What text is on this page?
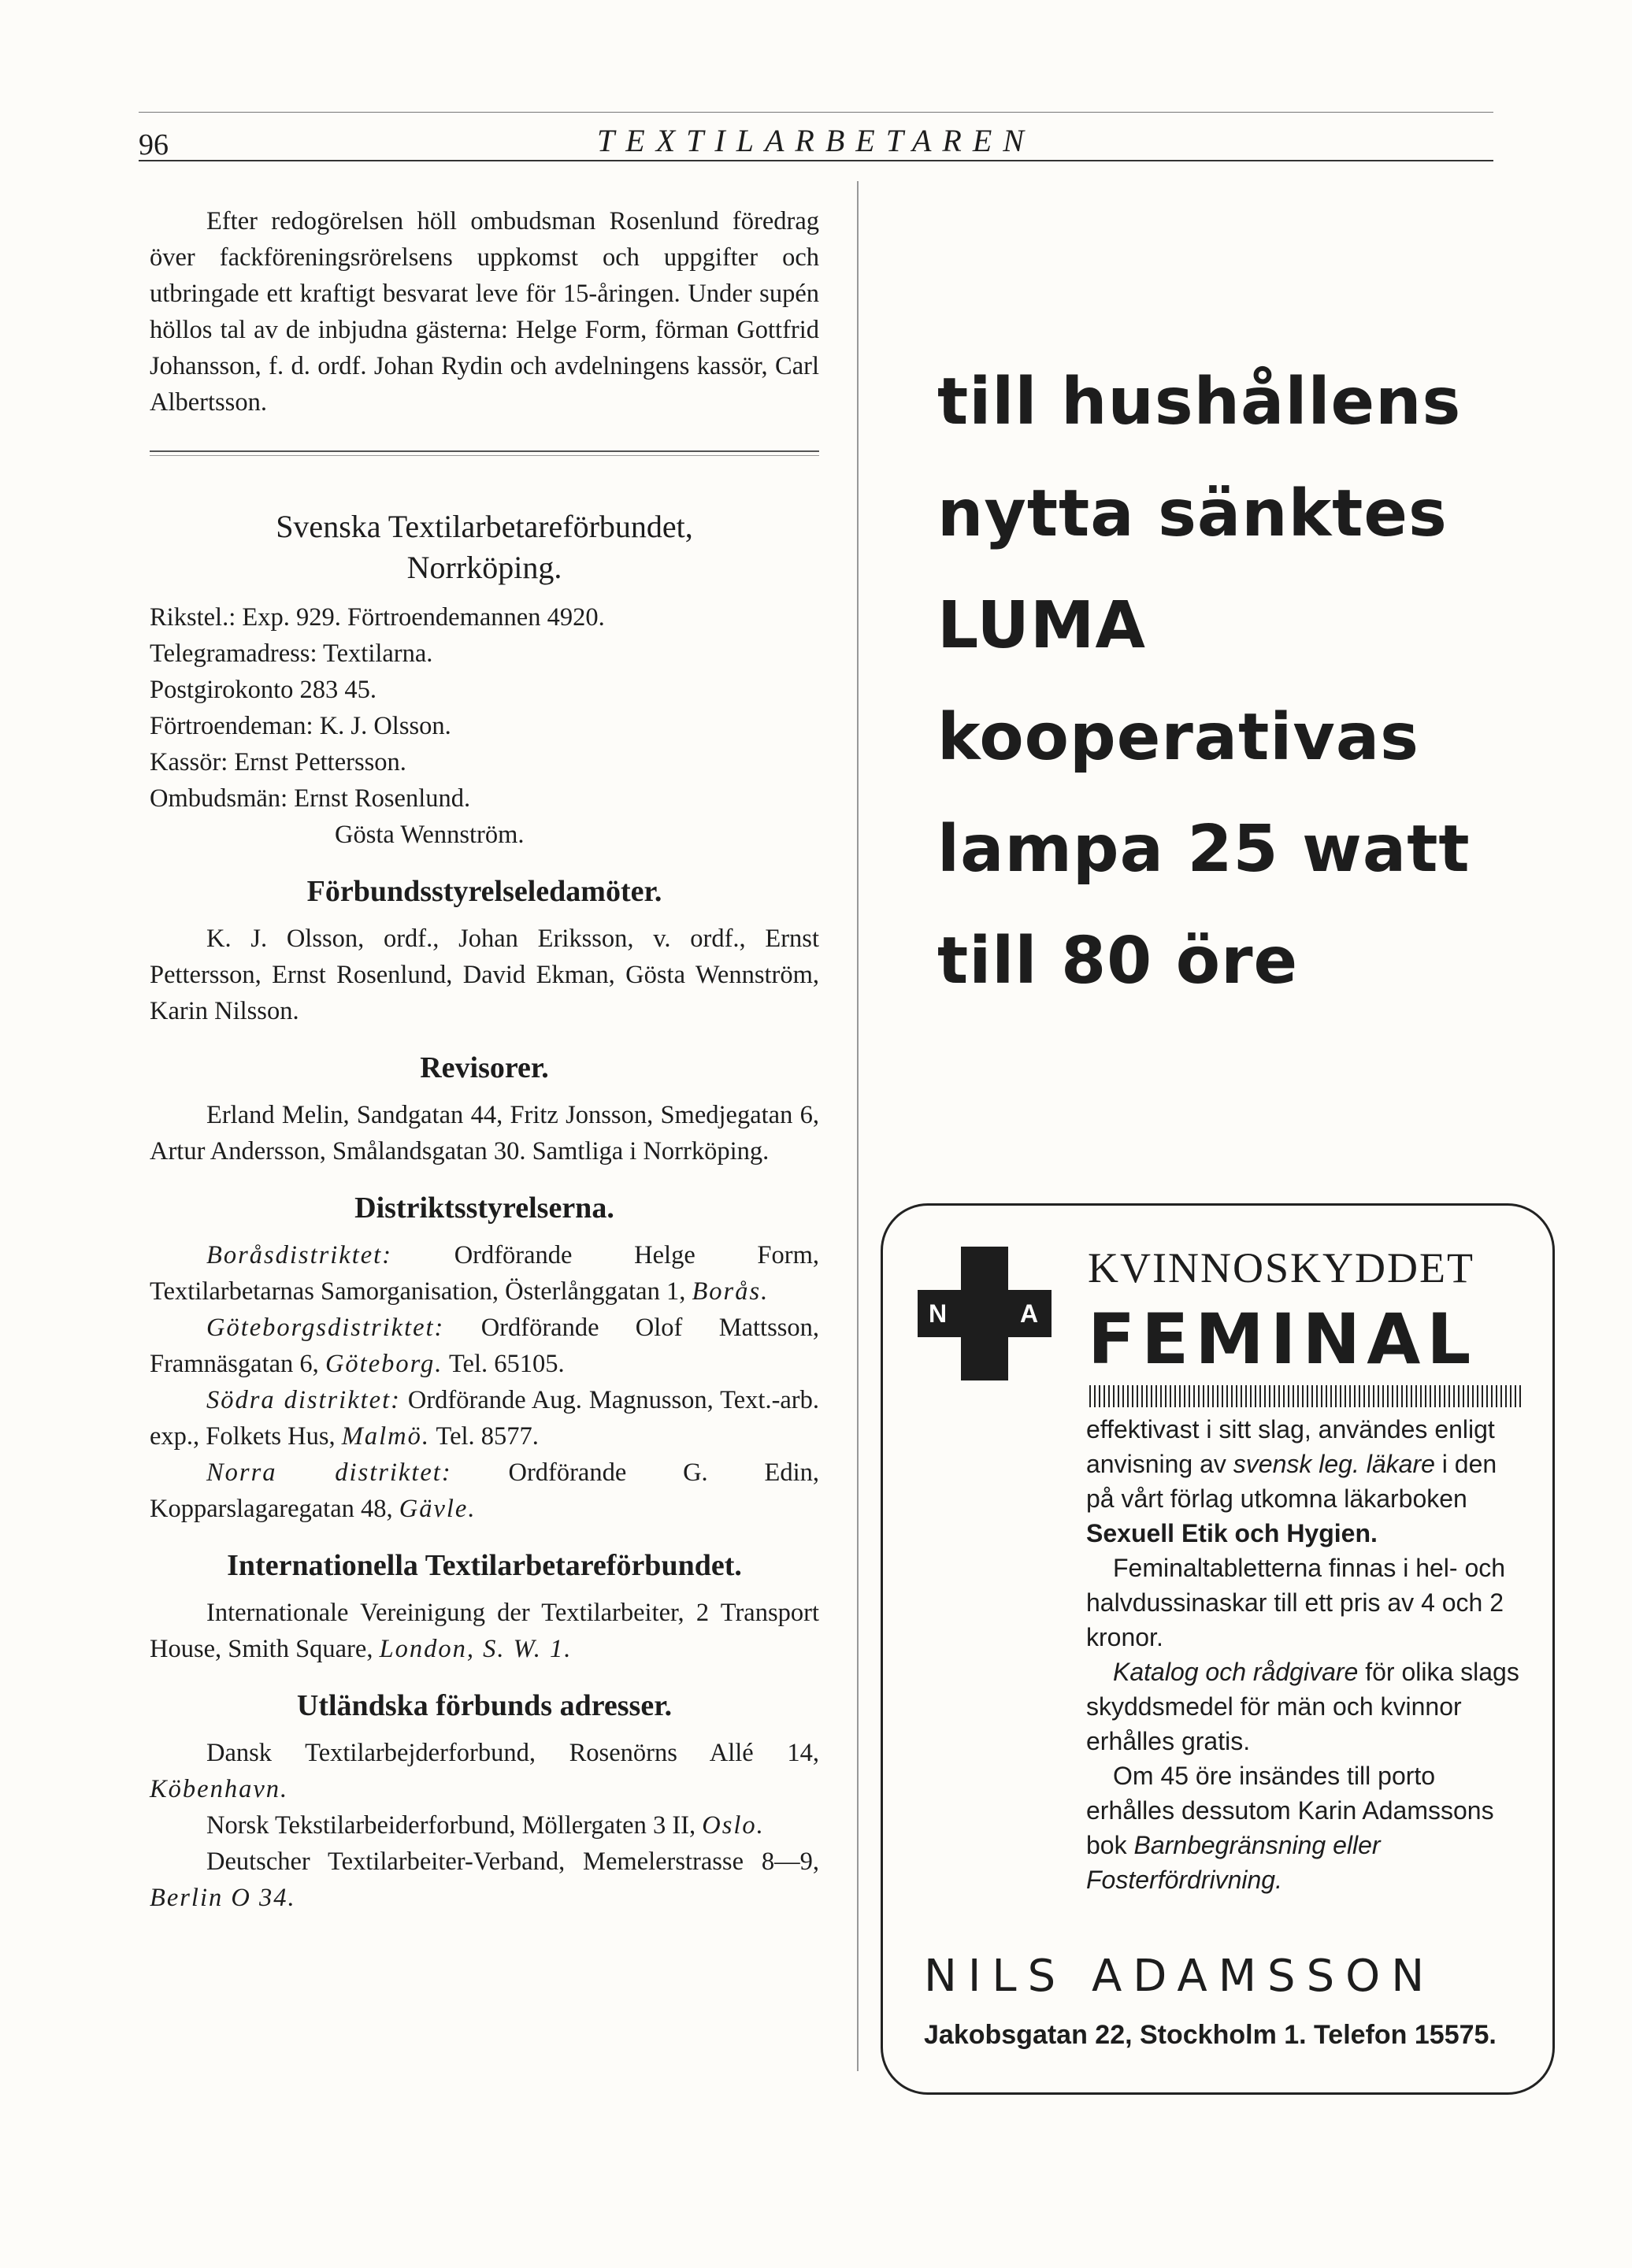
96	TEXTILARBETAREN

Efter redogörelsen höll ombudsman Rosenlund föredrag över fackföreningsrörelsens uppkomst och uppgifter och utbringade ett kraftigt besvarat leve för 15-åringen. Under supén höllos tal av de inbjudna gästerna: Helge Form, förman Gottfrid Johansson, f. d. ordf. Johan Rydin och avdelningens kassör, Carl Albertsson.

Svenska Textilarbetareförbundet,
Norrköping.
Rikstel.: Exp. 929. Förtroendemannen 4920.
Telegramadress: Textilarna.
Postgirokonto 283 45.
Förtroendeman: K. J. Olsson.
Kassör: Ernst Pettersson.
Ombudsmän: Ernst Rosenlund.
Gösta Wennström.
Förbundsstyrelseledamöter.

K. J. Olsson, ordf., Johan Eriksson, v. ordf., Ernst Pettersson, Ernst Rosenlund, David Ekman, Gösta Wennström, Karin Nilsson.

Revisorer.

Erland Melin, Sandgatan 44, Fritz Jonsson, Smedjegatan 6, Artur Andersson, Smålandsgatan 30. Samtliga i Norrköping.

Distriktsstyrelserna.

Boråsdistriktet: Ordförande Helge Form, Textilarbetarnas Samorganisation, Österlånggatan 1, Borås.

Göteborgsdistriktet: Ordförande Olof Mattsson, Framnäsgatan 6, Göteborg. Tel. 65105.

Södra distriktet: Ordförande Aug. Magnusson, Text.-arb. exp., Folkets Hus, Malmö. Tel. 8577.

Norra distriktet: Ordförande G. Edin, Kopparslagaregatan 48, Gävle.

Internationella Textilarbetareförbundet.

Internationale Vereinigung der Textilarbeiter, 2 Transport House, Smith Square, London, S. W. 1.

Utländska förbunds adresser.

Dansk Textilarbejderforbund, Rosenörns Allé 14, Köbenhavn.

Norsk Tekstilarbeiderforbund, Möllergaten 3 II, Oslo.

Deutscher Textilarbeiter-Verband, Memelerstrasse 8—9, Berlin O 34.

till hushållens
nytta sänktes
LUMA
kooperativas
lampa 25 watt
till 80 öre
N	A
KVINNOSKYDDET
FEMINAL

effektivast i sitt slag, användes enligt anvisning av svensk leg. läkare i den på vårt förlag utkomna läkarboken Sexuell Etik och Hygien.

Feminaltabletterna finnas i hel- och halvdussinaskar till ett pris av 4 och 2 kronor.

Katalog och rådgivare för olika slags skyddsmedel för män och kvinnor erhålles gratis.

Om 45 öre insändes till porto erhålles dessutom Karin Adamssons bok Barnbegränsning eller Fosterfördrivning.

NILS ADAMSSON
Jakobsgatan 22, Stockholm 1. Telefon 15575.
